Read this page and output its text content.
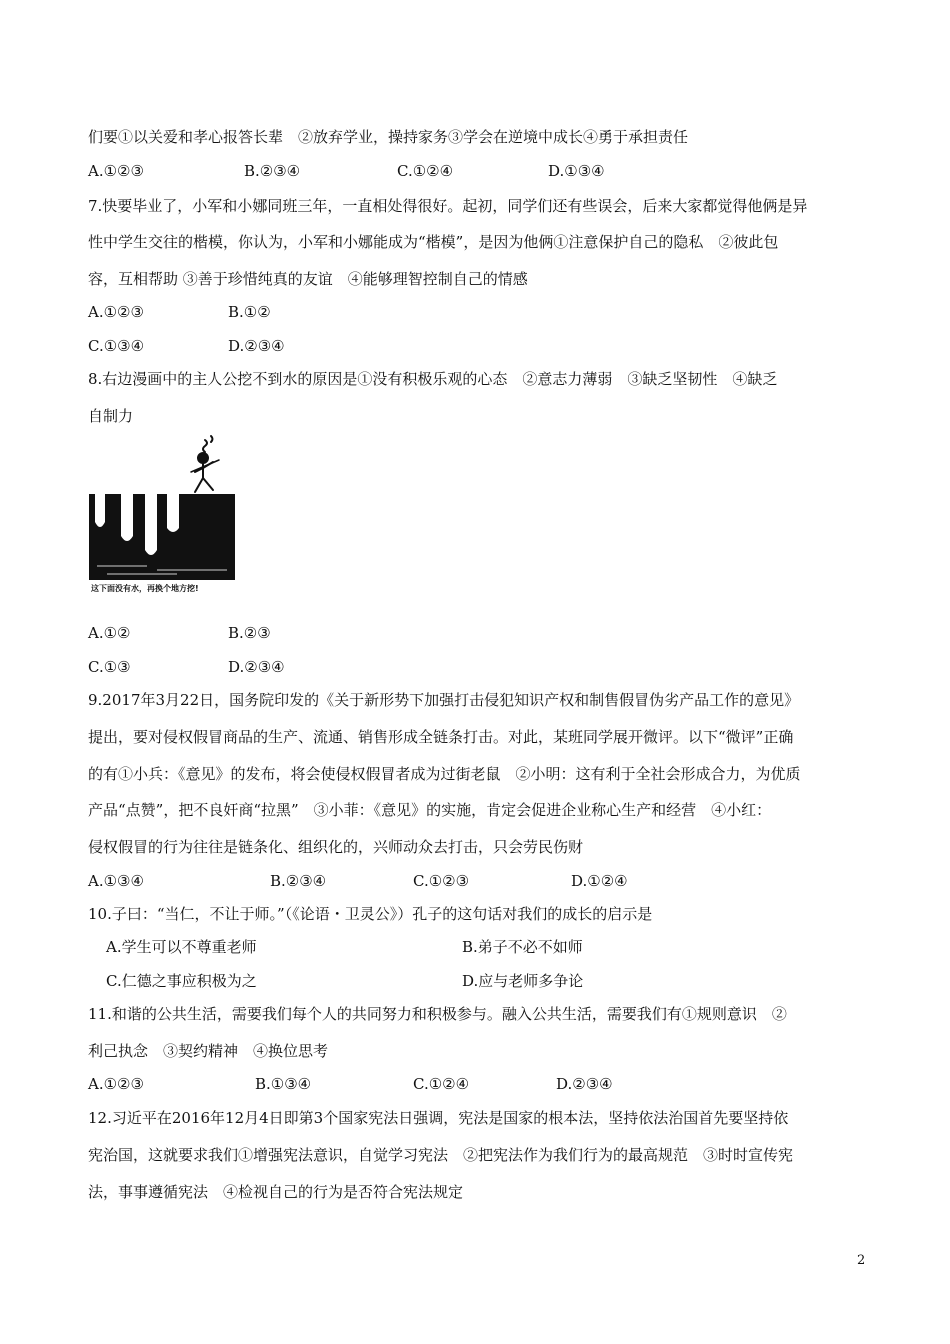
们要①以关爱和孝心报答长辈　②放弃学业，操持家务③学会在逆境中成长④勇于承担责任
A.①②③	B.②③④	C.①②④	D.①③④
7.快要毕业了，小军和小娜同班三年，一直相处得很好。起初，同学们还有些误会，后来大家都觉得他俩是异
性中学生交往的楷模，你认为，小军和小娜能成为“楷模”，是因为他俩①注意保护自己的隐私　②彼此包
容，互相帮助 ③善于珍惜纯真的友谊　④能够理智控制自己的情感
A.①②③	B.①②
C.①③④	D.②③④
8.右边漫画中的主人公挖不到水的原因是①没有积极乐观的心态　②意志力薄弱　③缺乏坚韧性　④缺乏
自制力
这下面没有水，再换个地方挖!
A.①②	B.②③
C.①③	D.②③④
9.2017年3月22日，国务院印发的《关于新形势下加强打击侵犯知识产权和制售假冒伪劣产品工作的意见》
提出，要对侵权假冒商品的生产、流通、销售形成全链条打击。对此，某班同学展开微评。以下“微评”正确
的有①小兵：《意见》的发布，将会使侵权假冒者成为过街老鼠　②小明：这有利于全社会形成合力，为优质
产品“点赞”，把不良奸商“拉黑”　③小菲：《意见》的实施，肯定会促进企业称心生产和经营　④小红：
侵权假冒的行为往往是链条化、组织化的，兴师动众去打击，只会劳民伤财
A.①③④	B.②③④	C.①②③	D.①②④
10.子曰：“当仁，不让于师。”（《论语・卫灵公》）孔子的这句话对我们的成长的启示是
A.学生可以不尊重老师	B.弟子不必不如师
C.仁德之事应积极为之	D.应与老师多争论
11.和谐的公共生活，需要我们每个人的共同努力和积极参与。融入公共生活，需要我们有①规则意识　②
利己执念　③契约精神　④换位思考
A.①②③	B.①③④	C.①②④	D.②③④
12.习近平在2016年12月4日即第3个国家宪法日强调，宪法是国家的根本法，坚持依法治国首先要坚持依
宪治国，这就要求我们①增强宪法意识，自觉学习宪法　②把宪法作为我们行为的最高规范　③时时宣传宪
法，事事遵循宪法　④检视自己的行为是否符合宪法规定
2
